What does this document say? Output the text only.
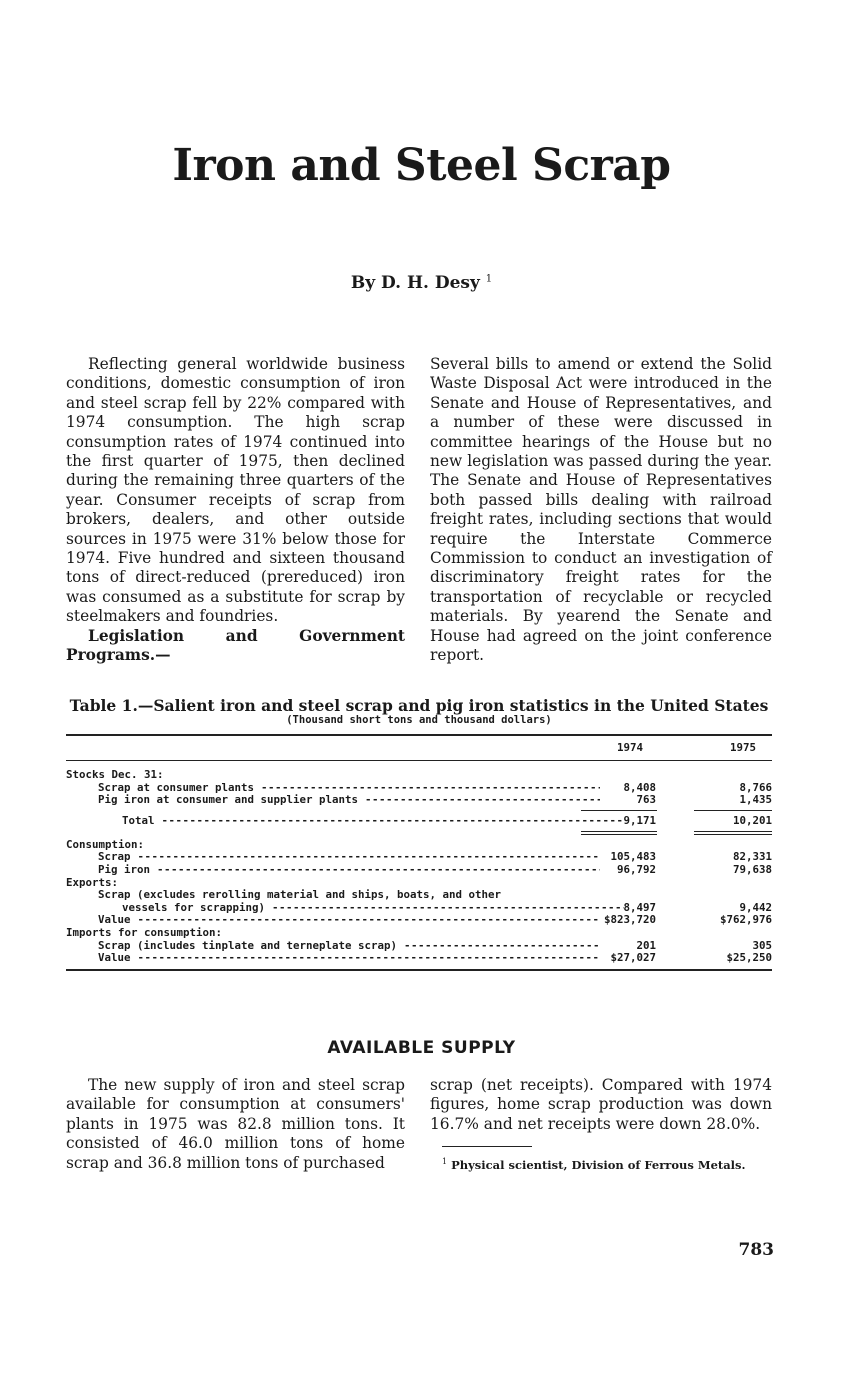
Iron and Steel Scrap
By D. H. Desy $^1$

Reflecting general worldwide business conditions, domestic consumption of iron and steel scrap fell by 22% compared with 1974 consumption. The high scrap consumption rates of 1974 continued into the first quarter of 1975, then declined during the remaining three quarters of the year. Consumer receipts of scrap from brokers, dealers, and other outside sources in 1975 were 31% below those for 1974. Five hundred and sixteen thousand tons of direct-reduced (prereduced) iron was consumed as a substitute for scrap by steelmakers and foundries.

Legislation and Government Programs.—

Several bills to amend or extend the Solid Waste Disposal Act were introduced in the Senate and House of Representatives, and a number of these were discussed in committee hearings of the House but no new legislation was passed during the year. The Senate and House of Representatives both passed bills dealing with railroad freight rates, including sections that would require the Interstate Commerce Commission to conduct an investigation of discriminatory freight rates for the transportation of recyclable or recycled materials. By yearend the Senate and House had agreed on the joint conference report.

Table 1.—Salient iron and steel scrap and pig iron statistics in the United States
(Thousand short tons and thousand dollars)
1974	1975
Stocks Dec. 31:
Scrap at consumer plants -----	8,408	8,766
Pig iron at consumer and supplier plants -----	763	1,435
Total -----	9,171	10,201
Consumption:
Scrap -----	105,483	82,331
Pig iron -----	96,792	79,638
Exports:
Scrap (excludes rerolling material and ships, boats, and other
vessels for scrapping) -----	8,497	9,442
Value -----	$823,720	$762,976
Imports for consumption:
Scrap (includes tinplate and terneplate scrap) -----	201	305
Value -----	$27,027	$25,250
AVAILABLE SUPPLY

The new supply of iron and steel scrap available for consumption at consumers' plants in 1975 was 82.8 million tons. It consisted of 46.0 million tons of home scrap and 36.8 million tons of purchased

scrap (net receipts). Compared with 1974 figures, home scrap production was down 16.7% and net receipts were down 28.0%.

$^1$ Physical scientist, Division of Ferrous Metals.
783
